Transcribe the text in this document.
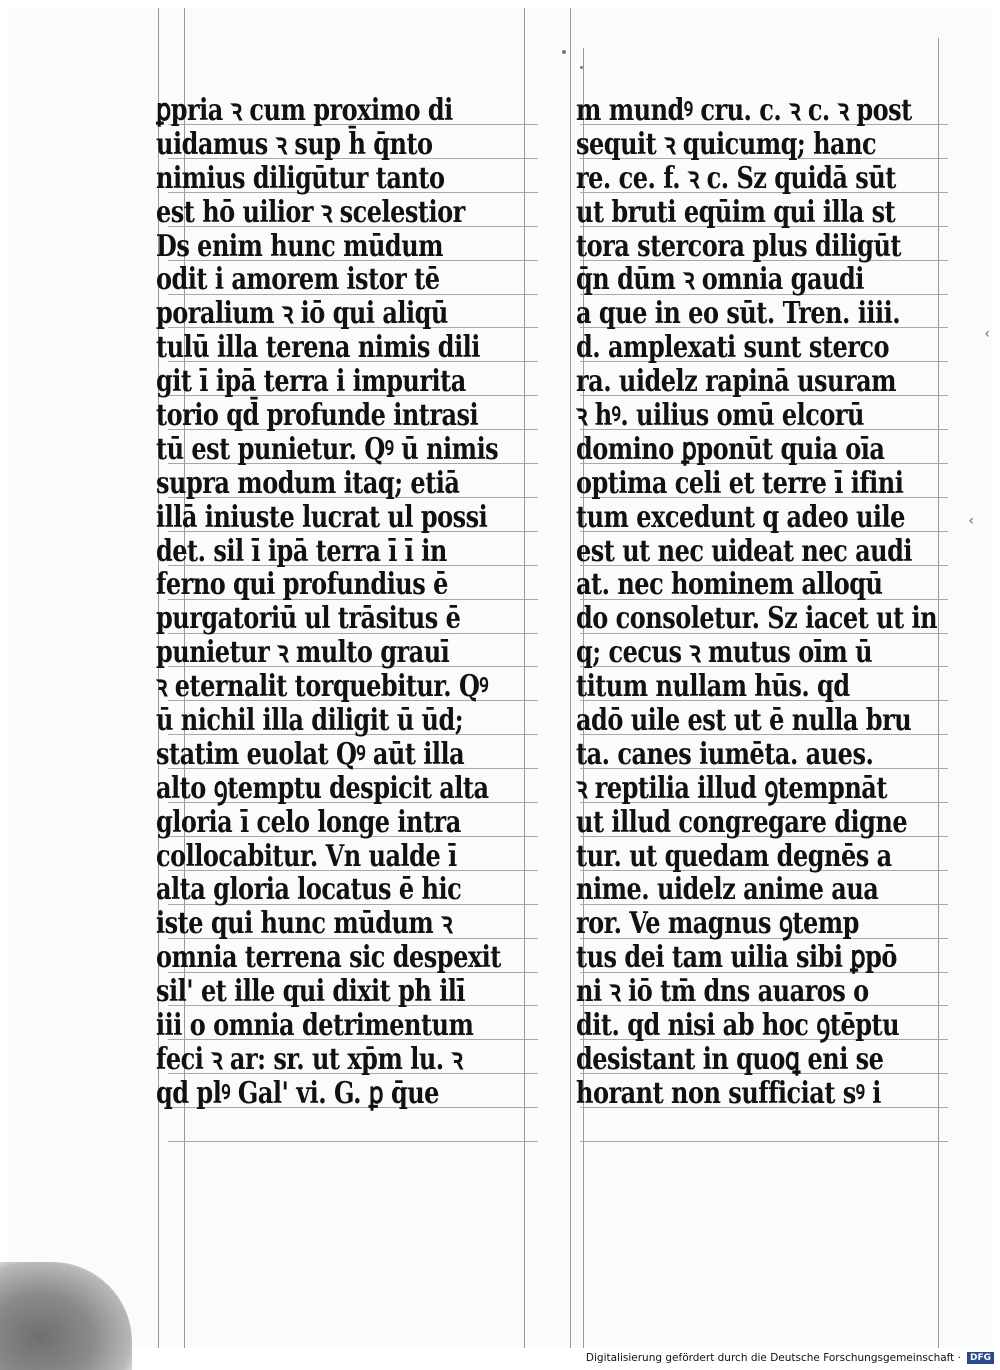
ꝑpria ꝛ cum proximo di
uidamus ꝛ sup h̄ q̄nto
nimius diligūtur tanto
est hō uilior ꝛ scelestior
Ds enim hunc mūdum
odit i amorem istor tē
poralium ꝛ iō qui aliqū
tulū illa terena nimis dili
git ī ipā terra i impurita
torio qd̄ profunde intrasi
tū est punietur. Qꝰ ū nimis
supra modum itaq; etiā
illā iniuste lucrat ul possi
det. sil ī ipā terra ī ī in
ferno qui profundius ē
purgatoriū ul trāsitus ē
punietur ꝛ multo grauī
ꝛ eternalit torquebitur. Qꝰ
ū nichil illa diligit ū ūd;
statim euolat Qꝰ aūt illa
alto ꝯtemptu despicit alta
gloria ī celo longe intra
collocabitur. Vn ualde ī
alta gloria locatus ē hic
iste qui hunc mūdum ꝛ
omnia terrena sic despexit
sil' et ille qui dixit ph ilī
iii o omnia detrimentum
feci ꝛ ar: sr. ut xp̄m lu. ꝛ
qd plꝰ Gal' vi. G. ꝑ q̄ue
m mundꝰ cru. c. ꝛ c. ꝛ post
sequit ꝛ quicumq; hanc
re. ce. f. ꝛ c. Sz quidā sūt
ut bruti eqūim qui illa st
tora stercora plus diligūt
q̄n dūm ꝛ omnia gaudi
a que in eo sūt. Tren. iiii.
d. amplexati sunt sterco
ra. uidelz rapinā usuram
ꝛ hꝰ. uilius omū elcorū
domino ꝑponūt quia oīa
optima celi et terre ī ifini
tum excedunt q adeo uile
est ut nec uideat nec audi
at. nec hominem alloqū
do consoletur. Sz iacet ut in
q; cecus ꝛ mutus oīm ū
titum nullam hūs. qd
adō uile est ut ē nulla bru
ta. canes iumēta. aues.
ꝛ reptilia illud ꝯtempnāt
ut illud congregare digne
tur. ut quedam degnēs a
nime. uidelz anime aua
ror. Ve magnus ꝯtemp
tus dei tam uilia sibi ꝑpō
ni ꝛ iō tm̄ dns auaros o
dit. qd nisi ab hoc ꝯtēptu
desistant in quoꝗ eni se
horant non sufficiat sꝰ i
‹
‹
Digitalisierung gefördert durch die Deutsche Forschungsgemeinschaft ·	DFG
